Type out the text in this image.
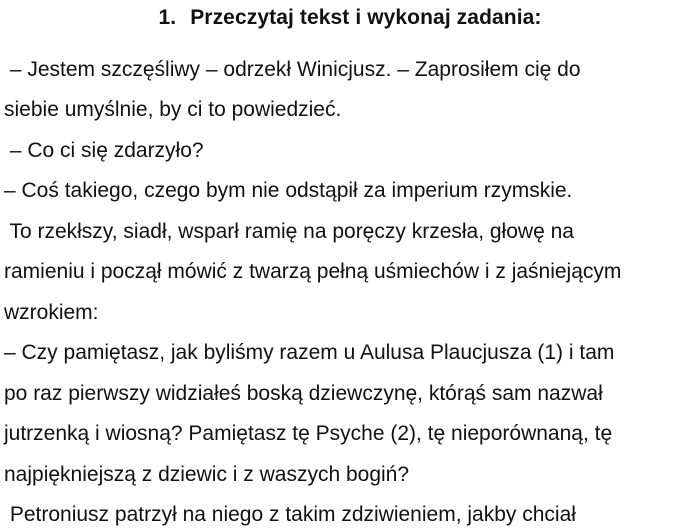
1. Przeczytaj tekst i wykonaj zadania:
– Jestem szczęśliwy – odrzekł Winicjusz. – Zaprosiłem cię do
siebie umyślnie, by ci to powiedzieć.
– Co ci się zdarzyło?
– Coś takiego, czego bym nie odstąpił za imperium rzymskie.
To rzekłszy, siadł, wsparł ramię na poręczy krzesła, głowę na
ramieniu i począł mówić z twarzą pełną uśmiechów i z jaśniejącym
wzrokiem:
– Czy pamiętasz, jak byliśmy razem u Aulusa Plaucjusza (1) i tam
po raz pierwszy widziałeś boską dziewczynę, którąś sam nazwał
jutrzenką i wiosną? Pamiętasz tę Psyche (2), tę nieporównaną, tę
najpiękniejszą z dziewic i z waszych bogiń?
Petroniusz patrzył na niego z takim zdziwieniem, jakby chciał
